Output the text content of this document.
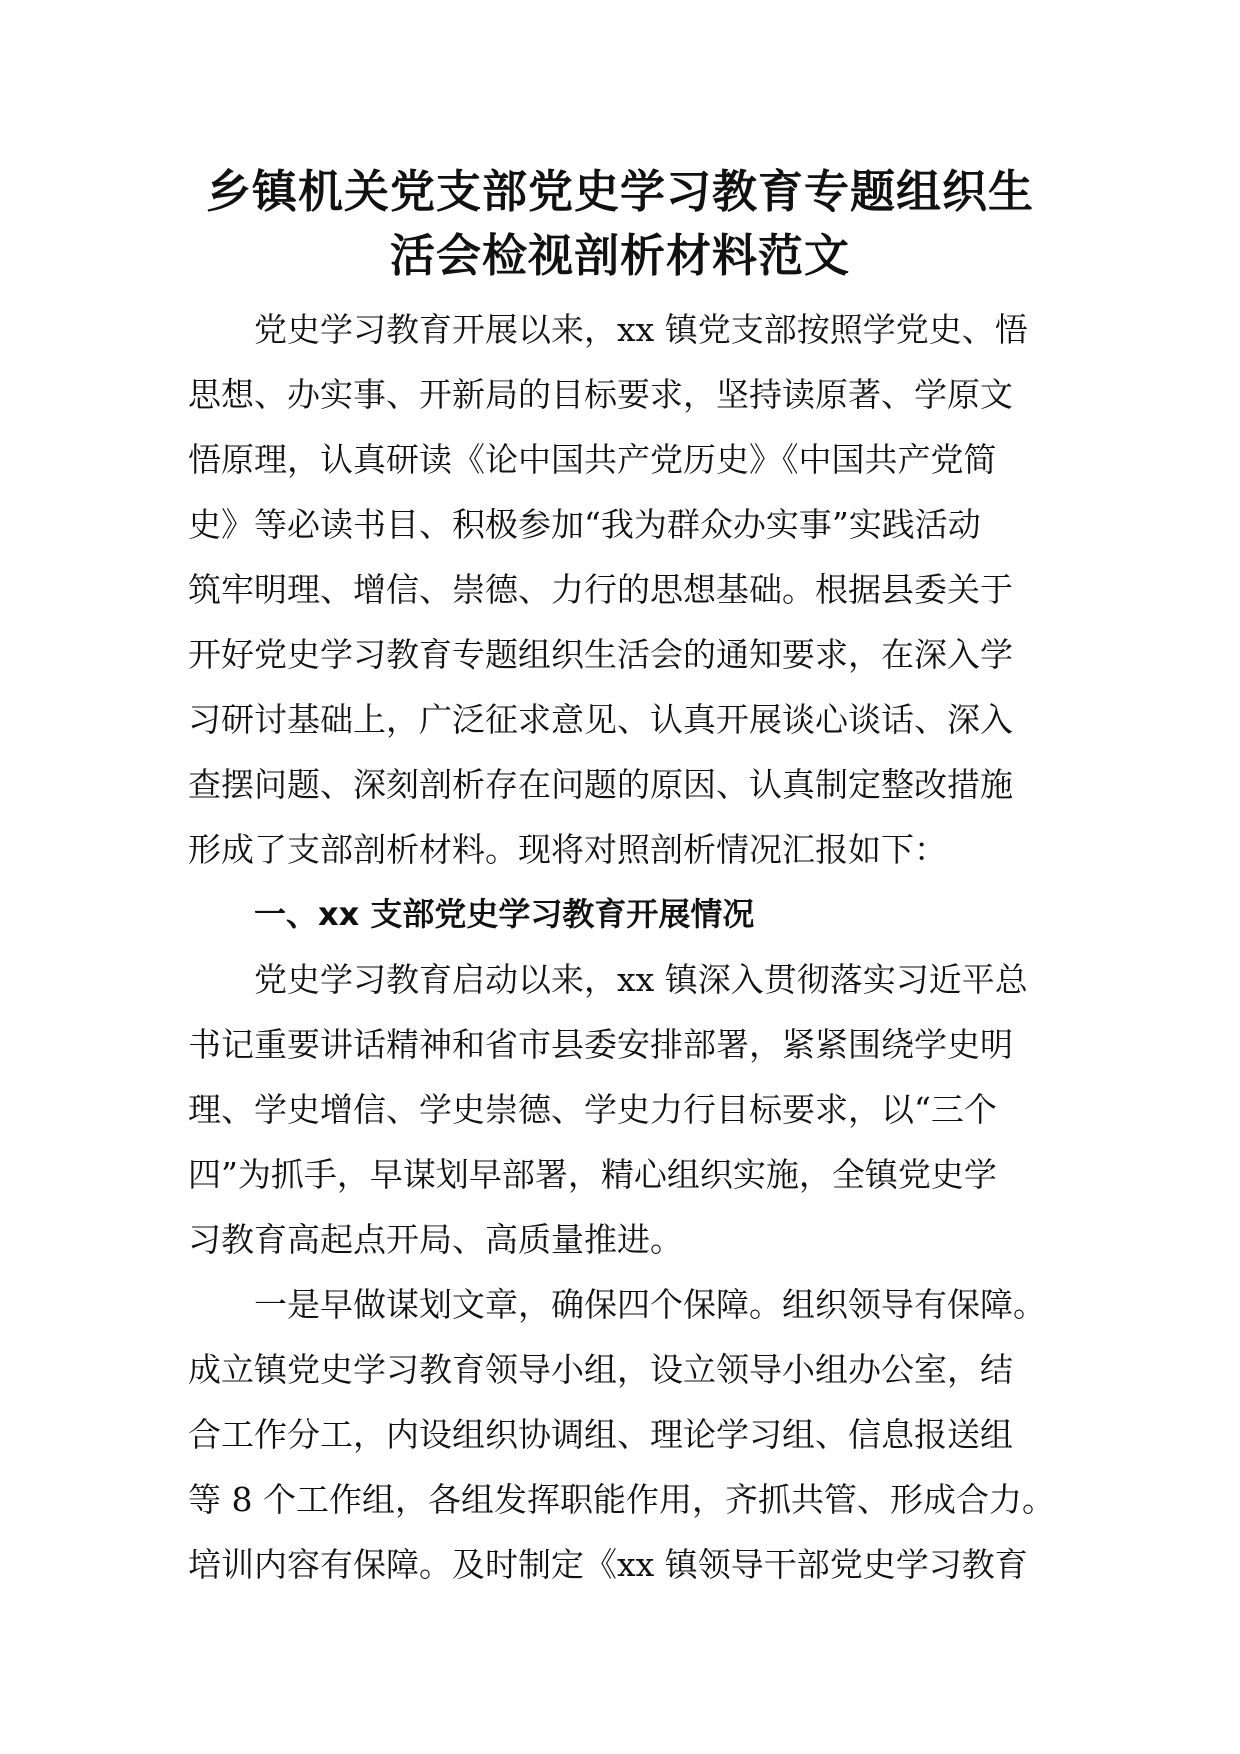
乡镇机关党支部党史学习教育专题组织生
活会检视剖析材料范文
党史学习教育开展以来，xx 镇党支部按照学党史、悟
思想、办实事、开新局的目标要求，坚持读原著、学原文
悟原理，认真研读《论中国共产党历史》《中国共产党简
史》等必读书目、积极参加“我为群众办实事”实践活动
筑牢明理、增信、崇德、力行的思想基础。根据县委关于
开好党史学习教育专题组织生活会的通知要求，在深入学
习研讨基础上，广泛征求意见、认真开展谈心谈话、深入
查摆问题、深刻剖析存在问题的原因、认真制定整改措施
形成了支部剖析材料。现将对照剖析情况汇报如下：
一、xx 支部党史学习教育开展情况
党史学习教育启动以来，xx 镇深入贯彻落实习近平总
书记重要讲话精神和省市县委安排部署，紧紧围绕学史明
理、学史增信、学史崇德、学史力行目标要求，以“三个
四”为抓手，早谋划早部署，精心组织实施，全镇党史学
习教育高起点开局、高质量推进。
一是早做谋划文章，确保四个保障。组织领导有保障。
成立镇党史学习教育领导小组，设立领导小组办公室，结
合工作分工，内设组织协调组、理论学习组、信息报送组
等 8 个工作组，各组发挥职能作用，齐抓共管、形成合力。
培训内容有保障。及时制定《xx 镇领导干部党史学习教育
